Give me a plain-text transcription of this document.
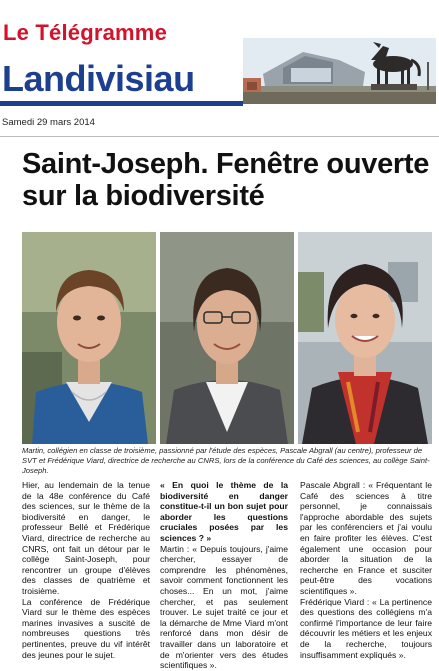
Le Télégramme
Landivisiau
Samedi 29 mars 2014
Saint-Joseph. Fenêtre ouverte sur la biodiversité
Martin, collégien en classe de troisième, passionné par l'étude des espèces, Pascale Abgrall (au centre), professeur de SVT et Frédérique Viard, directrice de recherche au CNRS, lors de la conférence du Café des sciences, au collège Saint-Joseph.

Hier, au lendemain de la tenue de la 48e conférence du Café des sciences, sur le thème de la biodiversité en danger, le professeur Bellé et Frédérique Viard, directrice de recherche au CNRS, ont fait un détour par le collège Saint-Joseph, pour rencontrer un groupe d'élèves des classes de quatrième et troisième.

La conférence de Frédérique Viard sur le thème des espèces marines invasives a suscité de nombreuses questions très pertinentes, preuve du vif intérêt des jeunes pour le sujet.

« En quoi le thème de la biodiversité en danger constitue-t-il un bon sujet pour aborder les questions cruciales posées par les sciences ? »

Martin : « Depuis toujours, j'aime chercher, essayer de comprendre les phénomènes, savoir comment fonctionnent les choses... En un mot, j'aime chercher, et pas seulement trouver. Le sujet traité ce jour et la démarche de Mme Viard m'ont renforcé dans mon désir de travailler dans un laboratoire et de m'orienter vers des études scientifiques ».

Pascale Abgrall : « Fréquentant le Café des sciences à titre personnel, je connaissais l'approche abordable des sujets par les conférenciers et j'ai voulu en faire profiter les élèves. C'est également une occasion pour aborder la situation de la recherche en France et susciter peut-être des vocations scientifiques ».

Frédérique Viard : « La pertinence des questions des collégiens m'a confirmé l'importance de leur faire découvrir les métiers et les enjeux de la recherche, toujours insuffisamment expliqués ».
